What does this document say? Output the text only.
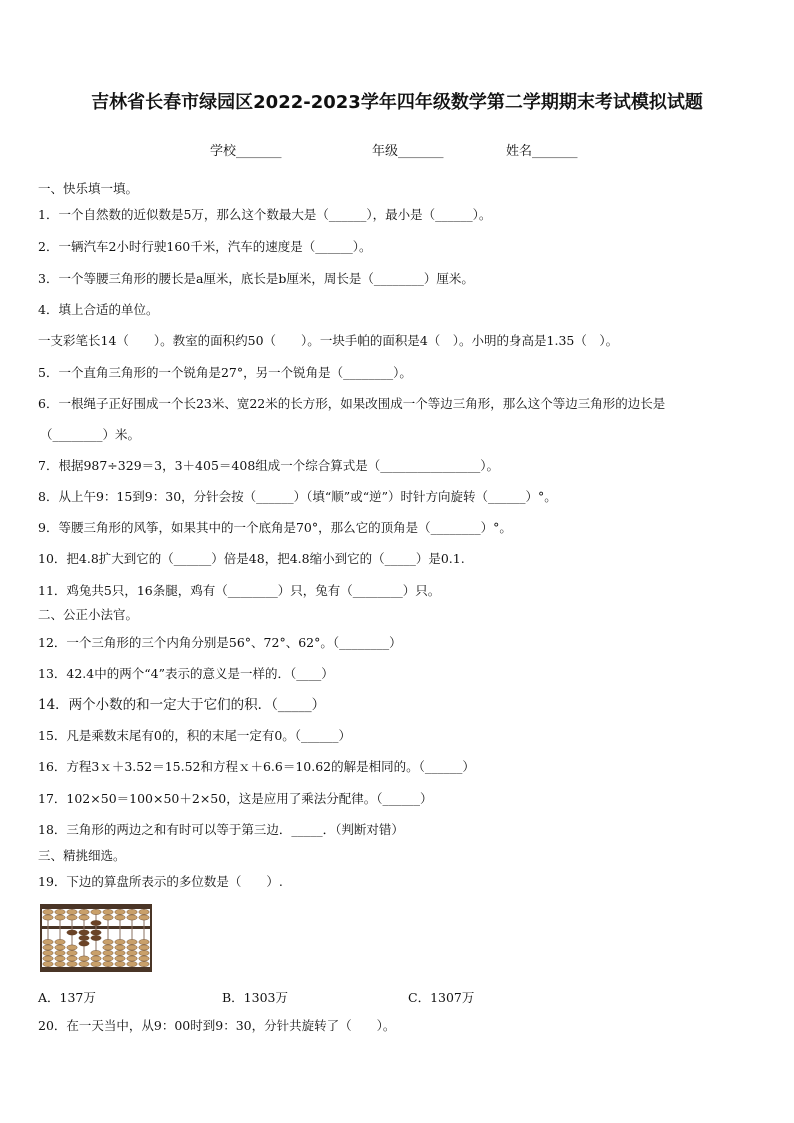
吉林省长春市绿园区2022-2023学年四年级数学第二学期期末考试模拟试题
学校_______	年级_______	姓名_______
一、快乐填一填。
1．一个自然数的近似数是5万，那么这个数最大是（______），最小是（______）。
2．一辆汽车2小时行驶160千米，汽车的速度是（______）。
3．一个等腰三角形的腰长是a厘米，底长是b厘米，周长是（________）厘米。
4．填上合适的单位。
一支彩笔长14（　　）。教室的面积约50（　　）。一块手帕的面积是4（　）。小明的身高是1.35（　）。
5．一个直角三角形的一个锐角是27°，另一个锐角是（________）。
6．一根绳子正好围成一个长23米、宽22米的长方形，如果改围成一个等边三角形，那么这个等边三角形的边长是
（________）米。
7．根据987÷329＝3，3＋405＝408组成一个综合算式是（________________）。
8．从上午9：15到9：30，分针会按（______）（填“顺”或“逆”）时针方向旋转（______）°。
9．等腰三角形的风筝，如果其中的一个底角是70°，那么它的顶角是（________）°。
10．把4.8扩大到它的（______）倍是48，把4.8缩小到它的（_____）是0.1.
11．鸡兔共5只，16条腿，鸡有（________）只，兔有（________）只。
二、公正小法官。
12．一个三角形的三个内角分别是56°、72°、62°。（________）
13．42.4中的两个“4”表示的意义是一样的．（____）
14．两个小数的和一定大于它们的积．（_____）
15．凡是乘数末尾有0的，积的末尾一定有0。（______）
16．方程3ｘ＋3.52＝15.52和方程ｘ＋6.6＝10.62的解是相同的。（______）
17．102×50＝100×50＋2×50，这是应用了乘法分配律。（______）
18．三角形的两边之和有时可以等于第三边．_____．（判断对错）
三、精挑细选。
19．下边的算盘所表示的多位数是（　　）.
A．137万	B．1303万	C．1307万
20．在一天当中，从9：00时到9：30，分针共旋转了（　　）。
